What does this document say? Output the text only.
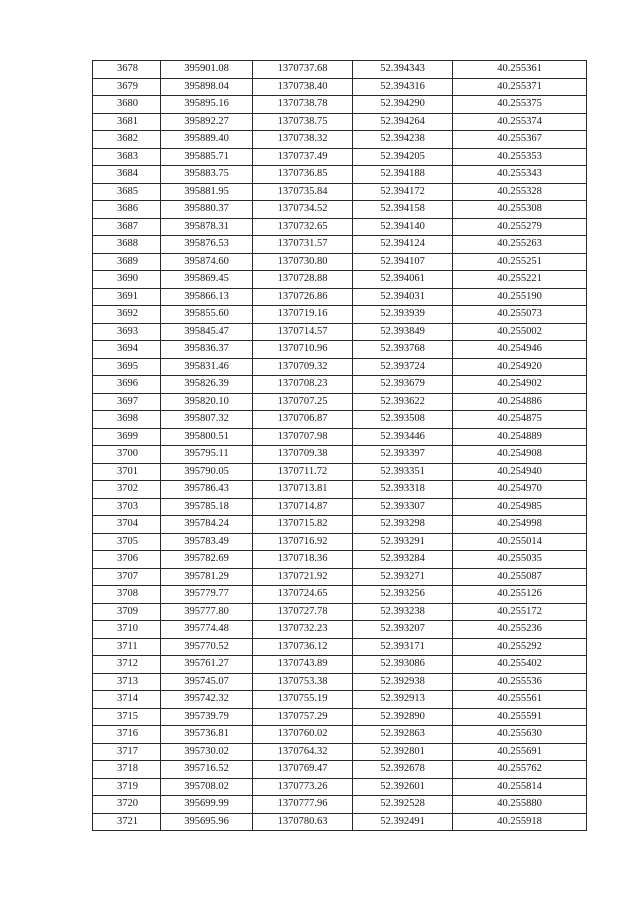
3678	395901.08	1370737.68	52.394343	40.255361
3679	395898.04	1370738.40	52.394316	40.255371
3680	395895.16	1370738.78	52.394290	40.255375
3681	395892.27	1370738.75	52.394264	40.255374
3682	395889.40	1370738.32	52.394238	40.255367
3683	395885.71	1370737.49	52.394205	40.255353
3684	395883.75	1370736.85	52.394188	40.255343
3685	395881.95	1370735.84	52.394172	40.255328
3686	395880.37	1370734.52	52.394158	40.255308
3687	395878.31	1370732.65	52.394140	40.255279
3688	395876.53	1370731.57	52.394124	40.255263
3689	395874.60	1370730.80	52.394107	40.255251
3690	395869.45	1370728.88	52.394061	40.255221
3691	395866.13	1370726.86	52.394031	40.255190
3692	395855.60	1370719.16	52.393939	40.255073
3693	395845.47	1370714.57	52.393849	40.255002
3694	395836.37	1370710.96	52.393768	40.254946
3695	395831.46	1370709.32	52.393724	40.254920
3696	395826.39	1370708.23	52.393679	40.254902
3697	395820.10	1370707.25	52.393622	40.254886
3698	395807.32	1370706.87	52.393508	40.254875
3699	395800.51	1370707.98	52.393446	40.254889
3700	395795.11	1370709.38	52.393397	40.254908
3701	395790.05	1370711.72	52.393351	40.254940
3702	395786.43	1370713.81	52.393318	40.254970
3703	395785.18	1370714.87	52.393307	40.254985
3704	395784.24	1370715.82	52.393298	40.254998
3705	395783.49	1370716.92	52.393291	40.255014
3706	395782.69	1370718.36	52.393284	40.255035
3707	395781.29	1370721.92	52.393271	40.255087
3708	395779.77	1370724.65	52.393256	40.255126
3709	395777.80	1370727.78	52.393238	40.255172
3710	395774.48	1370732.23	52.393207	40.255236
3711	395770.52	1370736.12	52.393171	40.255292
3712	395761.27	1370743.89	52.393086	40.255402
3713	395745.07	1370753.38	52.392938	40.255536
3714	395742.32	1370755.19	52.392913	40.255561
3715	395739.79	1370757.29	52.392890	40.255591
3716	395736.81	1370760.02	52.392863	40.255630
3717	395730.02	1370764.32	52.392801	40.255691
3718	395716.52	1370769.47	52.392678	40.255762
3719	395708.02	1370773.26	52.392601	40.255814
3720	395699.99	1370777.96	52.392528	40.255880
3721	395695.96	1370780.63	52.392491	40.255918
